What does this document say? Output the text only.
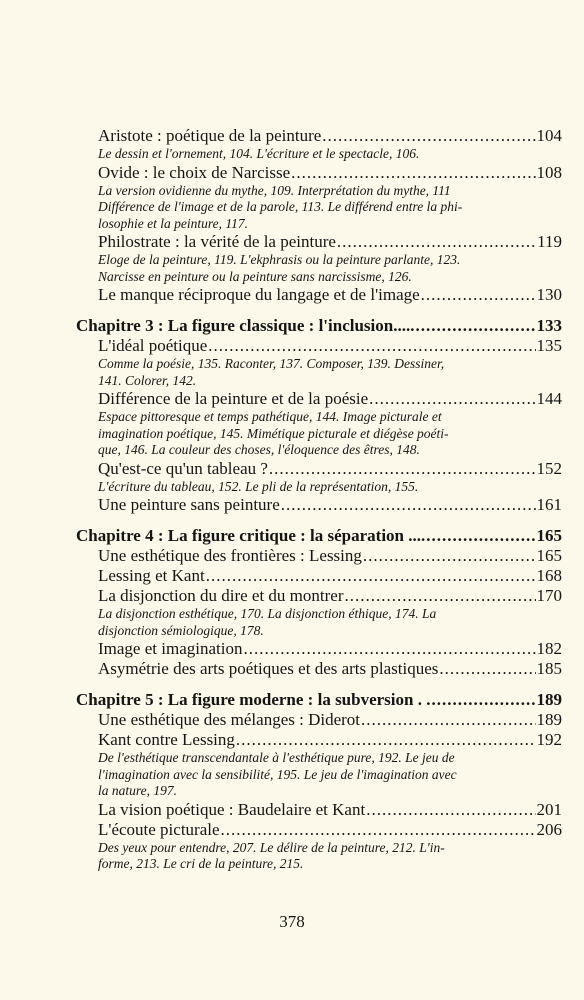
Aristote : poétique de la peinture .....	104
Le dessin et l'ornement, 104. L'écriture et le spectacle, 106.
Ovide : le choix de Narcisse .....	108
La version ovidienne du mythe, 109. Interprétation du mythe, 111
Différence de l'image et de la parole, 113. Le différend entre la phi-
losophie et la peinture, 117.
Philostrate : la vérité de la peinture .....	119
Eloge de la peinture, 119. L'ekphrasis ou la peinture parlante, 123.
Narcisse en peinture ou la peinture sans narcissisme, 126.
Le manque réciproque du langage et de l'image .....	130
Chapitre 3 : La figure classique : l'inclusion..... .....	133
L'idéal poétique .....	135
Comme la poésie, 135. Raconter, 137. Composer, 139. Dessiner,
141. Colorer, 142.
Différence de la peinture et de la poésie .....	144
Espace pittoresque et temps pathétique, 144. Image picturale et
imagination poétique, 145. Mimétique picturale et diégèse poéti-
que, 146. La couleur des choses, l'éloquence des êtres, 148.
Qu'est-ce qu'un tableau ? .....	152
L'écriture du tableau, 152. Le pli de la représentation, 155.
Une peinture sans peinture .....	161
Chapitre 4 : La figure critique : la séparation .... .....	165
Une esthétique des frontières : Lessing .....	165
Lessing et Kant .....	168
La disjonction du dire et du montrer .....	170
La disjonction esthétique, 170. La disjonction éthique, 174. La
disjonction sémiologique, 178.
Image et imagination .....	182
Asymétrie des arts poétiques et des arts plastiques .....	185
Chapitre 5 : La figure moderne : la subversion . . .....	189
Une esthétique des mélanges : Diderot .....	189
Kant contre Lessing .....	192
De l'esthétique transcendantale à l'esthétique pure, 192. Le jeu de
l'imagination avec la sensibilité, 195. Le jeu de l'imagination avec
la nature, 197.
La vision poétique : Baudelaire et Kant .....	201
L'écoute picturale .....	206
Des yeux pour entendre, 207. Le délire de la peinture, 212. L'in-
forme, 213. Le cri de la peinture, 215.
378
